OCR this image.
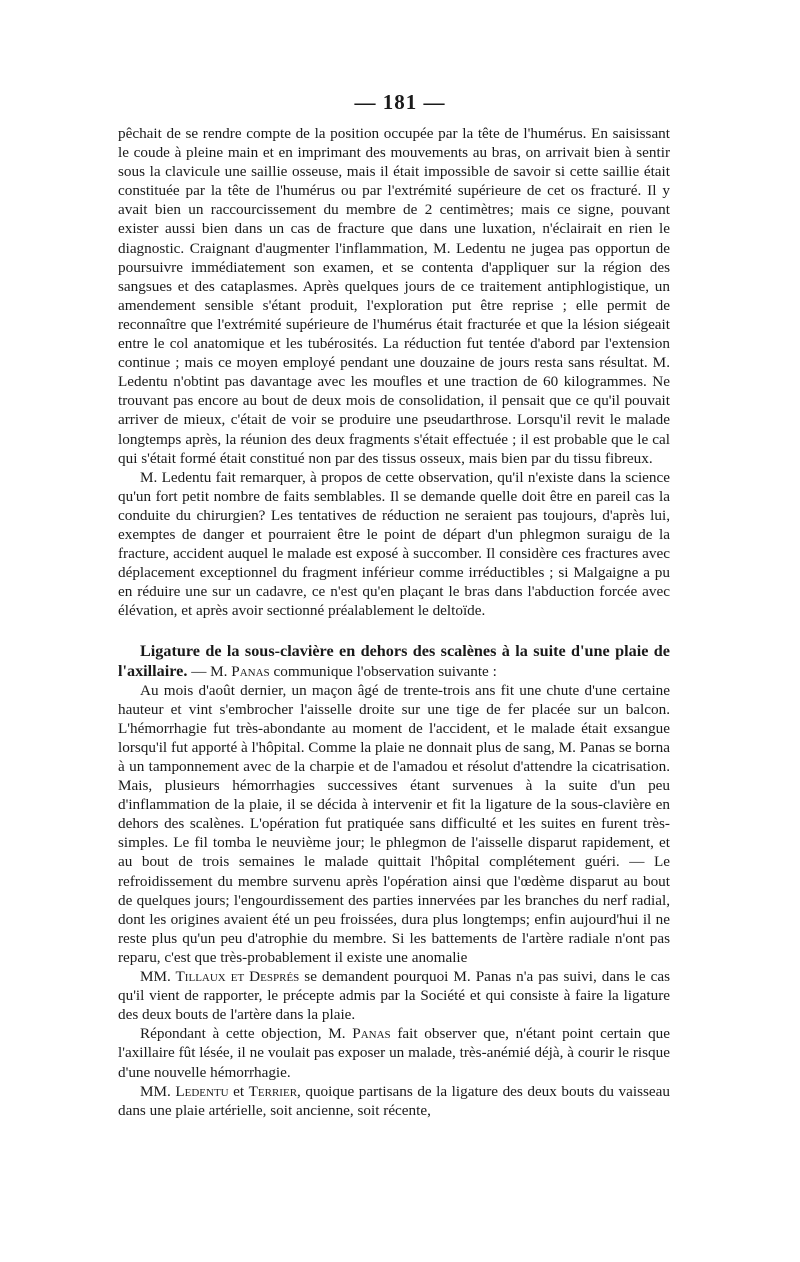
— 181 —

pêchait de se rendre compte de la position occupée par la tête de l'humérus. En saisissant le coude à pleine main et en imprimant des mouvements au bras, on arrivait bien à sentir sous la clavicule une saillie osseuse, mais il était impossible de savoir si cette saillie était constituée par la tête de l'humérus ou par l'extrémité supérieure de cet os fracturé. Il y avait bien un raccourcissement du membre de 2 centimètres; mais ce signe, pouvant exister aussi bien dans un cas de fracture que dans une luxation, n'éclairait en rien le diagnostic. Craignant d'augmenter l'inflammation, M. Ledentu ne jugea pas opportun de poursuivre immédiatement son examen, et se contenta d'appliquer sur la région des sangsues et des cataplasmes. Après quelques jours de ce traitement antiphlogistique, un amendement sensible s'étant produit, l'exploration put être reprise ; elle permit de reconnaître que l'extrémité supérieure de l'humérus était fracturée et que la lésion siégeait entre le col anatomique et les tubérosités. La réduction fut tentée d'abord par l'extension continue ; mais ce moyen employé pendant une douzaine de jours resta sans résultat. M. Ledentu n'obtint pas davantage avec les moufles et une traction de 60 kilogrammes. Ne trouvant pas encore au bout de deux mois de consolidation, il pensait que ce qu'il pouvait arriver de mieux, c'était de voir se produire une pseudarthrose. Lorsqu'il revit le malade longtemps après, la réunion des deux fragments s'était effectuée ; il est probable que le cal qui s'était formé était constitué non par des tissus osseux, mais bien par du tissu fibreux.

M. Ledentu fait remarquer, à propos de cette observation, qu'il n'existe dans la science qu'un fort petit nombre de faits semblables. Il se demande quelle doit être en pareil cas la conduite du chirurgien? Les tentatives de réduction ne seraient pas toujours, d'après lui, exemptes de danger et pourraient être le point de départ d'un phlegmon suraigu de la fracture, accident auquel le malade est exposé à succomber. Il considère ces fractures avec déplacement exceptionnel du fragment inférieur comme irréductibles ; si Malgaigne a pu en réduire une sur un cadavre, ce n'est qu'en plaçant le bras dans l'abduction forcée avec élévation, et après avoir sectionné préalablement le deltoïde.

Ligature de la sous-clavière en dehors des scalènes à la suite d'une plaie de l'axillaire. — M. Panas communique l'observation suivante :

Au mois d'août dernier, un maçon âgé de trente-trois ans fit une chute d'une certaine hauteur et vint s'embrocher l'aisselle droite sur une tige de fer placée sur un balcon. L'hémorrhagie fut très-abondante au moment de l'accident, et le malade était exsangue lorsqu'il fut apporté à l'hôpital. Comme la plaie ne donnait plus de sang, M. Panas se borna à un tamponnement avec de la charpie et de l'amadou et résolut d'attendre la cicatrisation. Mais, plusieurs hémorrhagies successives étant survenues à la suite d'un peu d'inflammation de la plaie, il se décida à intervenir et fit la ligature de la sous-clavière en dehors des scalènes. L'opération fut pratiquée sans difficulté et les suites en furent très-simples. Le fil tomba le neuvième jour; le phlegmon de l'aisselle disparut rapidement, et au bout de trois semaines le malade quittait l'hôpital complétement guéri. — Le refroidissement du membre survenu après l'opération ainsi que l'œdème disparut au bout de quelques jours; l'engourdissement des parties innervées par les branches du nerf radial, dont les origines avaient été un peu froissées, dura plus longtemps; enfin aujourd'hui il ne reste plus qu'un peu d'atrophie du membre. Si les battements de l'artère radiale n'ont pas reparu, c'est que très-probablement il existe une anomalie

MM. Tillaux et Després se demandent pourquoi M. Panas n'a pas suivi, dans le cas qu'il vient de rapporter, le précepte admis par la Société et qui consiste à faire la ligature des deux bouts de l'artère dans la plaie.

Répondant à cette objection, M. Panas fait observer que, n'étant point certain que l'axillaire fût lésée, il ne voulait pas exposer un malade, très-anémié déjà, à courir le risque d'une nouvelle hémorrhagie.

MM. Ledentu et Terrier, quoique partisans de la ligature des deux bouts du vaisseau dans une plaie artérielle, soit ancienne, soit récente,
